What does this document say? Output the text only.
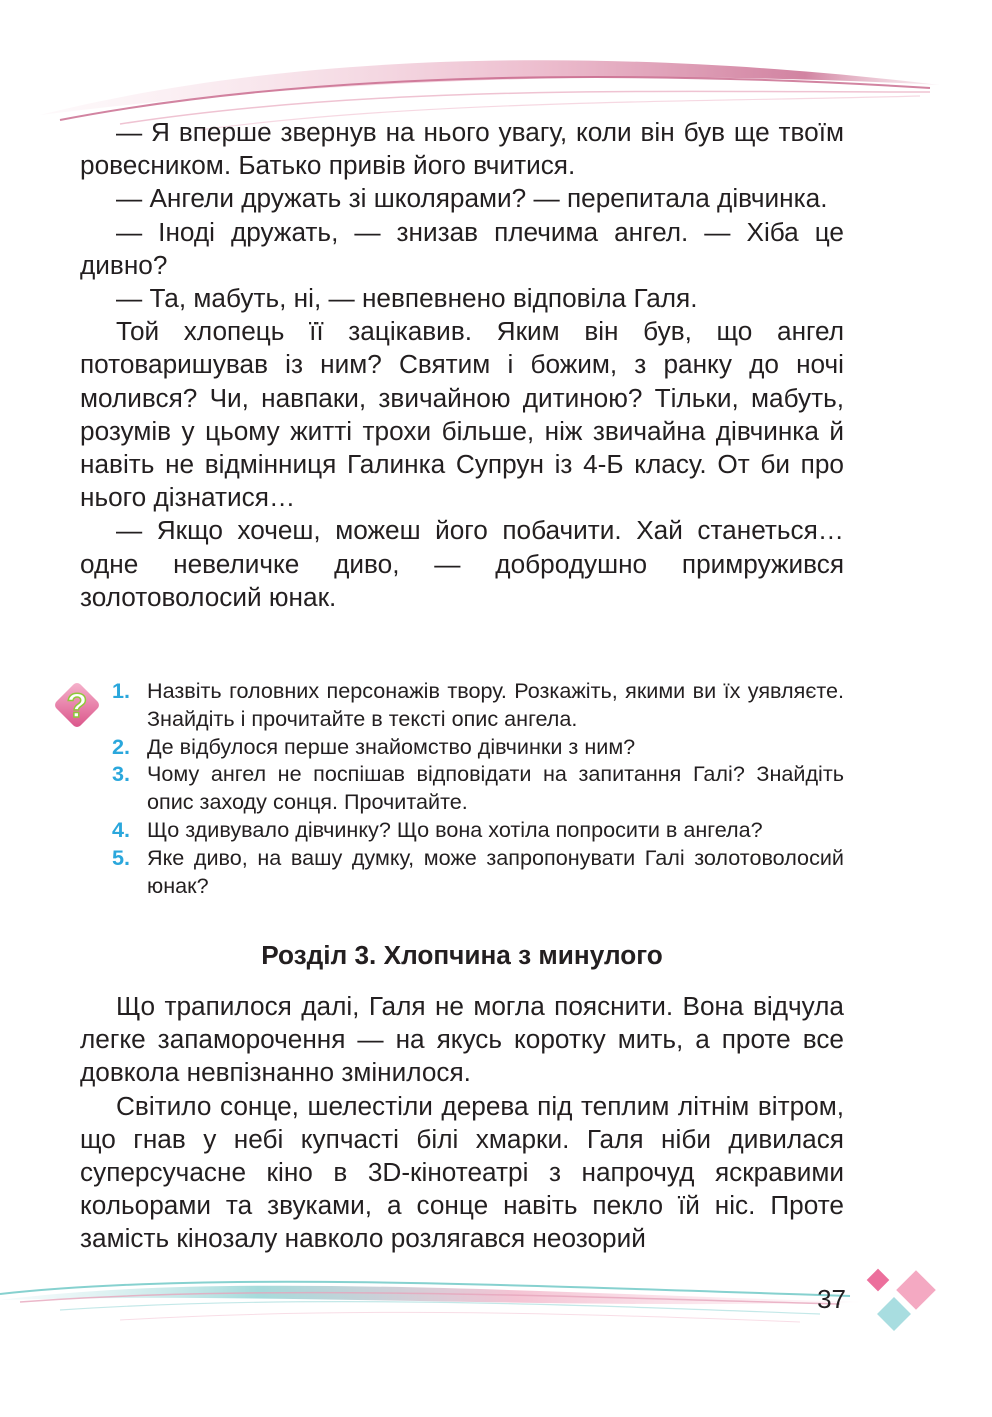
— Я вперше звернув на нього увагу, коли він був ще твоїм ровесником. Батько привів його вчитися.

— Ангели дружать зі школярами? — перепитала дівчинка.

— Іноді дружать, — знизав плечима ангел. — Хіба це дивно?

— Та, мабуть, ні, — невпевнено відповіла Галя.

Той хлопець її зацікавив. Яким він був, що ангел потоваришував із ним? Святим і божим, з ранку до ночі молився? Чи, навпаки, звичайною дитиною? Тільки, мабуть, розумів у цьому житті трохи більше, ніж звичайна дівчинка й навіть не відмінниця Галинка Супрун із 4-Б класу. От би про нього дізнатися…

— Якщо хочеш, можеш його побачити. Хай станеться… одне невеличке диво, — добродушно примружився золотоволосий юнак.

? 1. Назвіть головних персонажів твору. Розкажіть, якими ви їх уявляєте. Знайдіть і прочитайте в тексті опис ангела.
2. Де відбулося перше знайомство дівчинки з ним?
3. Чому ангел не поспішав відповідати на запитання Галі? Знайдіть опис заходу сонця. Прочитайте.
4. Що здивувало дівчинку? Що вона хотіла попросити в ангела?
5. Яке диво, на вашу думку, може запропонувати Галі золотоволосий юнак?
Розділ 3. Хлопчина з минулого

Що трапилося далі, Галя не могла пояснити. Вона відчула легке запаморочення — на якусь коротку мить, а проте все довкола невпізнанно змінилося.

Світило сонце, шелестіли дерева під теплим літнім вітром, що гнав у небі купчасті білі хмарки. Галя ніби дивилася суперсучасне кіно в 3D-кінотеатрі з напрочуд яскравими кольорами та звуками, а сонце навіть пекло їй ніс. Проте замість кінозалу навколо розлягався неозорий

37
